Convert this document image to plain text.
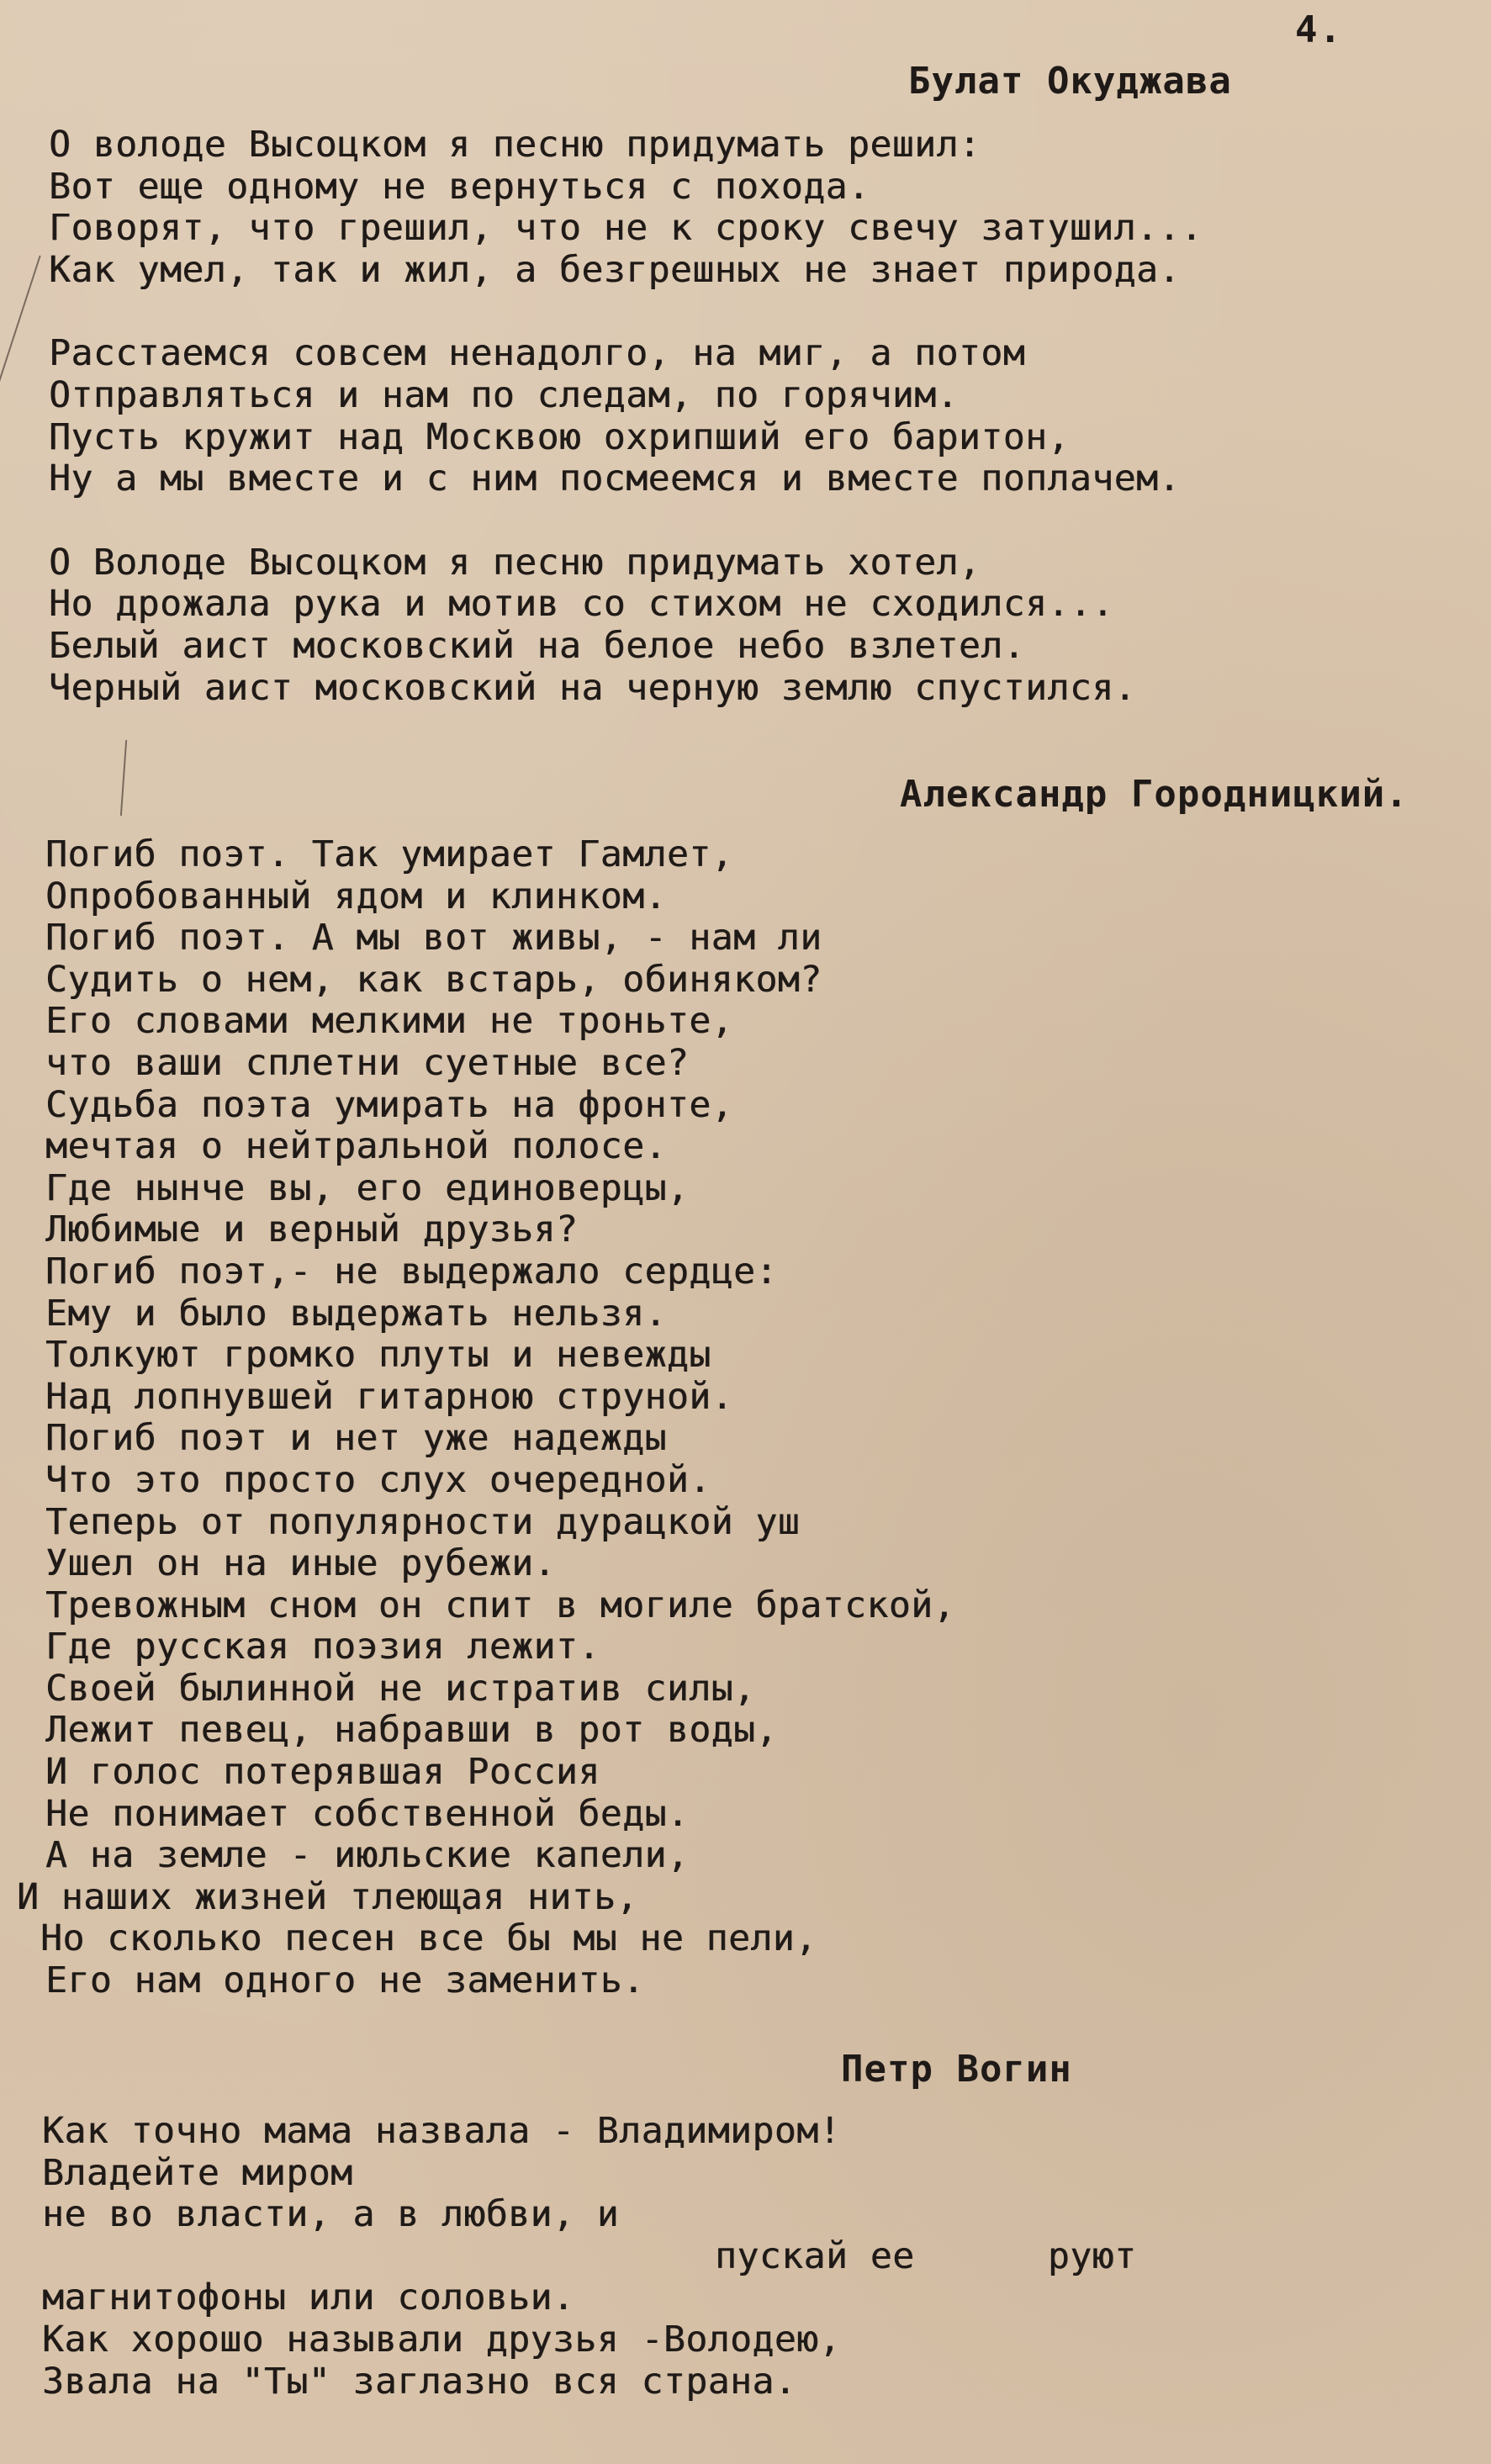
4.
Булат Окуджава
О володе Высоцком я песню придумать решил:
Вот еще одному не вернуться с похода.
Говорят, что грешил, что не к сроку свечу затушил...
Как умел, так и жил, а безгрешных не знает природа.
Расстаемся совсем ненадолго, на миг, а потом
Отправляться и нам по следам, по горячим.
Пусть кружит над Москвою охрипший его баритон,
Ну а мы вместе и с ним посмеемся и вместе поплачем.
О Володе Высоцком я песню придумать хотел,
Но дрожала рука и мотив со стихом не сходился...
Белый аист московский на белое небо взлетел.
Черный аист московский на черную землю спустился.
Александр Городницкий.
Погиб поэт. Так умирает Гамлет,
Опробованный ядом и клинком.
Погиб поэт. А мы вот живы, - нам ли
Судить о нем, как встарь, обиняком?
Его словами мелкими не троньте,
что ваши сплетни суетные все?
Судьба поэта умирать на фронте,
мечтая о нейтральной полосе.
Где нынче вы, его единоверцы,
Любимые и верный друзья?
Погиб поэт,- не выдержало сердце:
Ему и было выдержать нельзя.
Толкуют громко плуты и невежды
Над лопнувшей гитарною струной.
Погиб поэт и нет уже надежды
Что это просто слух очередной.
Теперь от популярности дурацкой уш
Ушел он на иные рубежи.
Тревожным сном он спит в могиле братской,
Где русская поэзия лежит.
Своей былинной не истратив силы,
Лежит певец, набравши в рот воды,
И голос потерявшая Россия
Не понимает собственной беды.
А на земле - июльские капели,
И наших жизней тлеющая нить,
Но сколько песен все бы мы не пели,
Его нам одного не заменить.
Петр Вогин
Как точно мама назвала - Владимиром!
Владейте миром
не во власти, а в любви, и
пускай ее      руют
магнитофоны или соловьи.
Как хорошо называли друзья -Володею,
Звала на "Ты" заглазно вся страна.
